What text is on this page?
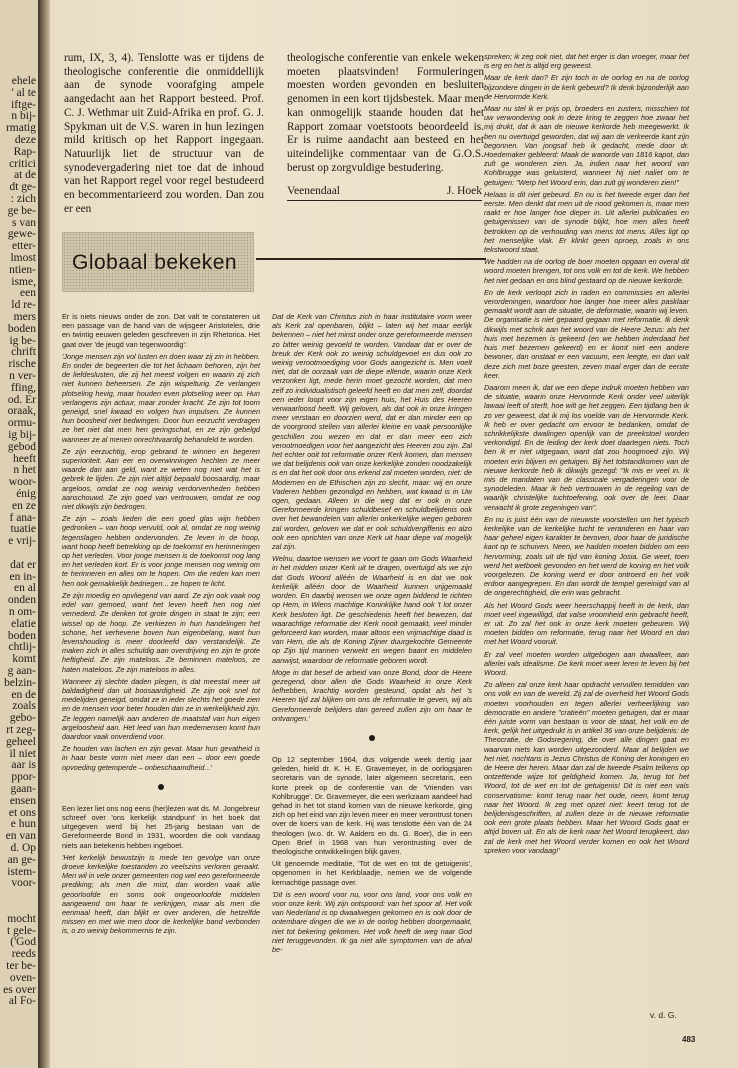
ehele
' al te
iftge-
n bij-
rmatig
deze
Rap-
critici
at de
dt ge-
: zich
ge be-
s van
gewe-
etter-
lmost
ntien-
isme,
een
ld re-
mers
boden
ig be-
chrift
rische
n ver-
ffing,
od. Er
oraak,
ormu-
ig bij-
gebod
heeft
n het
woor-
énig
en ze
f ana-
tuatie
e vrij-
dat er
en in-
en al
onden
n om-
elatie
boden
chtlij-
komt
g aan-
belzin-
en de
zoals
gebo-
rt zeg-
geheel
il niet
aar is
ppor-
gaan-
ensen
et ons
e hun
en van
d. Op
an ge-
istem-
voor-
mocht
t gele-
('God
reeds
ter be-
oven-
es over
al Fo-
rum, IX, 3, 4). Tenslotte was er tijdens de theologische conferentie die onmiddellijk aan de synode voorafging ampele aangedacht aan het Rapport besteed. Prof. C. J. Wethmar uit Zuid-Afrika en prof. G. J. Spykman uit de V.S. waren in hun lezingen mild kritisch op het Rapport ingegaan. Natuurlijk liet de structuur van de synodevergadering niet toe dat de inhoud van het Rapport regel voor regel bestudeerd en becommentarieerd zou worden. Dan zou er een
theologische conferentie van enkele weken moeten plaatsvinden! Formuleringen moesten worden gevonden en besluiten genomen in een kort tijdsbestek. Maar men kan onmogelijk staande houden dat het Rapport zomaar voetstoots beoordeeld is. Er is ruime aandacht aan besteed en het uiteindelijke commentaar van de G.O.S. berust op zorgvuldige bestudering.
Veenendaal	J. Hoek
Globaal bekeken

Er is niets nieuws onder de zon. Dat valt te constateren uit een passage van de hand van de wijsgeer Aristoteles, drie en twintig eeuwen geleden geschreven in zijn Rhetorica. Het gaat over 'de jeugd van tegenwoordig':

'Jonge mensen zijn vol lusten en doen waar zij zin in hebben. En onder de begeerten die tot het lichaam behoren, zijn het de liefdeslusten, die zij het meest volgen en waarin zij zich niet kunnen beheersen. Ze zijn wispelturig. Ze verlangen plotseling hevig, maar houden even plotseling weer op. Hun verlangens zijn actuur, maar zonder kracht. Ze zijn tot toorn geneigd, snel kwaad en volgen hun impulsen. Ze kunnen hun boosheid niet bedwingen. Door hun eerzucht verdragen ze het niet dat men hen geringschat, en ze zijn gebelgd wanneer ze al menen onrechtvaardig behandeld te worden.

Ze zijn eerzuchtig, erop gebrand te winnen en begeren superioriteit. Aan eer en overwinningen hechten ze meer waarde dan aan geld, want ze weten nog niet wat het is gebrek te lijden. Ze zijn niet altijd bepaald boosaardig, maar argeloos, omdat ze nog weinig verdorvenheden hebben aanschouwd. Ze zijn goed van vertrouwen, omdat ze nog niet dikwijls zijn bedrogen.

Ze zijn – zoals lieden die een goed glas wijn hebben gedronken – van hoop vervuld, ook al, omdat ze nog weinig tegenslagen hebben ondervonden. Ze leven in de hoop, want hoop heeft betrekking op de toekomst en herinneringen op het verleden. Voor jonge mensen is de toekomst nog lang en het verleden kort. Er is voor jonge mensen nog weinig om te herinneren en alles om te hopen. Om die reden kan men hen ook gemakkelijk bedriegen... ze hopen te licht.

Ze zijn moedig en opvliegend van aard. Ze zijn ook vaak nog edel van gemoed, want het leven heeft hen nog niet vernederd. Ze denken tot grote dingen in staat te zijn; een wissel op de hoop. Ze verkiezen in hun handelingen het schone, het verhevene boven hun eigenbelang, want hun levenshouding is meer doorleefd dan verstandelijk. Ze maken zich in alles schuldig aan overdrijving en zijn te grote heftigheid. Ze zijn mateloos. Ze beminnen mateloos, ze haten mateloos. Ze zijn mateloos in alles.

Wanneer zij slechte daden plegen, is dat meestal meer uit baldadigheid dan uit boosaardigheid. Ze zijn ook snel tot medelijden geneigd, omdat ze in ieder slechts het goede zien en de mensen voor beter houden dan ze in werkelijkheid zijn. Ze leggen namelijk aan anderen de maatstaf van hun eigen argeloosheid aan. Het leed van hun medemensen komt hun daardoor vaak onverdiend voor.

Ze houden van lachen en zijn gevat. Maar hun gevatheid is in haar beste vorm niet meer dan een – door een goede opvoeding getemperde – onbeschaamdheid...'

Een lezer liet ons nog eens (her)lezen wat ds. M. Jongebreur schreef over 'ons kerkelijk standpunt' in het boek dat uitgegeven werd bij het 25-jarig bestaan van de Gereformeerde Bond in 1931, woorden die ook vandaag niets aan betekenis hebben ingeboet.

'Het kerkelijk bewustzijn is mede ten gevolge van onze droeve kerkelijke toestanden zo veelszins verloren geraakt. Men wil in vele onzer gemeenten nog wel een gereformeerde prediking; als men die mist, dan worden vaak allie geoorloofde en soms ook ongeoorloofde middelen aangewend om haar te verkrijgen, maar als men die eenmaal heeft, dan blijkt er over anderen, die hetzelfde missen en met wie men door de kerkelijke band verbonden is, o zo weinig bekommernis te zijn.

Dat de Kerk van Christus zich in haar institutaire vorm weer als Kerk zal openbaren, blijkt – laten wij het maar eerlijk bekennen – niet het minst onder onze gereformeerde mensen zo bitter weinig gevoeld te worden. Vandaar dat er over de breuk der Kerk ook zo weinig schuldgevoel en dus ook zo weinig verootmoediging voor Gods aangezicht is. Men voelt niet, dat de oorzaak van de diepe ellende, waarin onze Kerk verzonken ligt, mede herin moet gezocht worden, dat men zelf zo individualistisch geleefd heeft en dat men zelf, doordat een ieder loopt voor zijn eigen huis, het Huis des Heeren verwaarloosd heeft. Wij geloven, als dat ook in onze kringen meer verstaan en doorzien werd, dat er dan minder een op de voorgrond stellen van allerlei kleine en vaak persoonlijke geschillen zou wezen en dat er dan meer een zich verootmoedigen voor het aangezicht des Heeren zou zijn. Zal het echter ooit tot reformatie onzer Kerk komen, dan mensen we dat belijdenis ook van onze kerkelijke zonden noodzakelijk is en dat het ook door ons erkend zal moeten worden, niet: de Modernen en de Ethischen zijn zo slecht, maar: wij en onze Vaderen hebben gezondigd en hebben, wat kwaad is in Uw ogen, gedaan. Alleen in die weg dat er ook in onze Gereformeerde kringen schuldbesef en schuldbelijdenis ook over het bewandelen van allerlei onkerkelijke wegen geboren zal worden, geloven we dat er ook schuldvergiffenis en alzo ook een oprichten van onze Kerk uit haar diepe val mogelijk zal zijn.

Welnu, daartoe wensen we voort te gaan om Gods Waarheid in het midden onzer Kerk uit te dragen, overtuigd als we zijn dat Gods Woord alléén de Waarheid is en dat we ook kerkelijk alléén door de Waarheid kunnen vrijgemaakt worden. En daarbij wensen we onze ogen biddend te richten op Hem, in Wiens machtige Koninklijke hand ook 't lot onzer Kerk besloten ligt. De geschiedenis heeft het bewezen, dat waarachtige reformatie der Kerk nooit gemaakt, veel minder geforceerd kan worden, maar altoos een vrijmachtige daad is van Hem, die als de Koning Zijner duurgekochte Gemeente op Zijn tijd mannen verwekt en wegen baant en middelen aanwijst, waardoor de reformatie geboren wordt.

Moge in dat besef de arbeid van onze Bond, door de Heere gezegend, door allen die Gods Waarheid in onze Kerk liefhebben, krachtig worden gesteund, opdat als het 's Heeren tijd zal blijken om ons de reformatie te geven, wij als Gereformeerde belijders dan gereed zullen zijn om haar te ontvangen.'

Op 12 september 1964, dus volgende week dertig jaar geleden, hield dr. K. H. E. Gravemeyer, in de oorlogsjaren secretaris van de synode, later algemeen secretaris, een korte preek op de conferentie van de 'Vrienden van Kohlbrugge'. Dr. Gravemeyer, die een werkzaam aandeel had gehad in het tot stand komen van de nieuwe kerkorde, ging zich op het eind van zijn leven meer en meer verontrust tonen over de koers van de kerk. Hij was tenslotte één van de 24 theologen (w.o. dr. W. Aalders en ds. G. Boer), die in een Open Brief in 1968 van hun verontrusting over de theologische ontwikkelingen blijk gaven.

Uit genoemde meditatie, 'Tot de wet en tot de getuigenis', opgenomen in het Kerkblaadje, nemen we de volgende kernachtige passage over.

'Dit is een woord voor nu, voor ons land, voor ons volk en voor onze kerk. Wij zijn ontspoord: van het spoor af. Het volk van Nederland is op dwaalwegen gekomen en is ook door de ontembare dingen die we in de oorlog hebben doorgemaakt, niet tot bekering gekomen. Het volk heeft de weg naar God niet teruggevonden. Ik ga niet alle symptomen van de afval be-

spreken; ik zeg ook niet, dat het erger is dan vroeger, maar het is erg en het is altijd erg geweest.

Maar de kerk dan? Er zijn toch in de oorlog en na de oorlog bijzondere dingen in de kerk gebeurd? Ik denk bijzonderlijk aan de Hervormde Kerk.

Maar nu stel ik er prijs op, broeders en zusters, misschien tot uw verwondering ook in deze kring te zeggen hoe zwaar het mij drukt, dat ik aan de nieuwe kerkorde heb meegewerkt. Ik ben nu overtuigd geworden, dat wij aan de verkeerde kant zijn begonnen. Van jongsaf heb ik gedacht, mede door dr. Hoedemaker gebleerd: Maak de wanorde van 1816 kapot, dan zult ge wonderen zien. Ja, indien naar het woord van Kohlbrugge was geluisterd, wanneer hij niet naliet om te getuigen: "Werp het Woord erin, dan zult gij wonderen zien!"

Helaas is dit niet gebeurd. En nu is het tweede erger dan het eerste. Men denkt dat men uit de nood gekomen is, maar men raakt er hoe langer hoe dieper in. Uit allerlei publicaties en getuigenissen van de synode blijkt, hoe men alles heeft betrokken op de verhouding van mens tot mens. Alles ligt op het menselijke vlak. Er klinkt geen oproep, zoals in ons tekstwoord staat.

We hadden na de oorlog de boer moeten opgaan en overal dit woord moeten brengen, tot ons volk en tot de kerk. We hebben het niet gedaan en ons blind gestaard op de nieuwe kerkorde.

En de kerk verloopt zich in raden en commissies en allerlei verordeningen, waardoor hoe langer hoe meer alles pasklaar gemaakt wordt aan de situatie, de deformatie, waarin wij leven. De organisatie is niet gepaard gegaan met reformatie. Ik denk dikwijls met schrik aan het woord van de Heere Jezus: als het huis met bezemen is gekeerd (en we hebben inderdaad het huis met bezemen gekeerd) en er komt niet een andere bewoner, dan onstaat er een vacuum, een leegte, en dan valt deze zich met boze geesten, zeven maal erger dan de eerste keer.

Daarom meen ik, dat we een diepe indruk moeten hebben van de situatie, waarin onze Hervormde Kerk onder veel uiterlijk lawaai leeft of sterft, hoe wilt ge het zeggen. Een tijdlang ben ik zo ver geweest, dat ik mij los voelde van de Hervormde Kerk. Ik heb er over gedacht om ervoor te bedanken, omdat de schrikkelijkste dwalingen openlijk van de preekstoel worden verkondigd. En de leiding der kerk doet daartegen niets. Toch ben ik er niet uitgegaan, want dat zou hoogmoed zijn. Wij moeten erin blijven en getuigen. Bij het totstandkomen van de nieuwe kerkorde heb ik dikwijls gezegd: "Ik mis er veel in. Ik mis de mandaten van de classicale vergaderingen voor de synodeleden. Maar ik heb vertrouwen in de regeling van de waarlijk christelijke tuchtoefening, ook over de leer. Daar verwacht ik grote zegeningen van".

En nu is juist één van de nieuwste voorstellen om het typisch kerkelijke van de kerkelijke tucht te veranderen en haar van haar geheel eigen karakter te beroven, door haar de juridische kant op te schuiven. Neen, we hadden moeten bidden om een hervorming, zoals uit de tijd van koning Josia. Ge weet, toen werd het wetboek gevonden en het werd de koning en het volk voorgelezen. De koning werd er door ontroerd en het volk erdoor aangegrepen. En dan wordt de tempel gereinigd van al de ongerechtigheid, die erin was gebracht.

Als het Woord Gods weer heerschappij heeft in de kerk, dan moet veel ingewilligd, dat valse vroomheid erin gebracht heeft, er uit. Zo zal het ook in onze kerk moeten gebeuren. Wij moeten bidden om reformatie, terug naar het Woord en dan met het Woord vooruit.

Er zal veel moeten worden uitgebogen aan dwaalleer, aan allerlei vals idealisme. De kerk moet weer leren te leven bij het Woord.

Zo alleen zal onze kerk haar opdracht vervullen temidden van ons volk en van de wereld. Zij zal de overheid het Woord Gods moeten voorhouden en tegen allerlei verheerlijking van democratie en andere "cratieën" moeten getuigen, dat er maar één juiste vorm van bestaan is voor de staat, het volk en de kerk, gelijk het uitgedrukt is in artikel 36 van onze belijdenis: de Theocratie, de Godsregering, die over alle dingen gaat en waarvan niets kan worden uitgezonderd. Maar al belijden we het niet, nochtans is Jezus Christus de Koning der koningen en de Heere der heren. Maar dan zal de tweede Psalm telkens op ontzettende wijze tot geldigheid komen. Ja, terug tot het Woord, tot de wet en tot de getuigenis! Dit is niet een vals conservatisme: komt terug naar het oude, neen, komt terug naar het Woord. Ik zeg met opzet niet: keert terug tot de belijdenisgeschriften, al zullen deze in de nieuwe reformatie ook een grote plaats hebben. Maar het Woord Gods gaat er altijd boven uit. En als de kerk naar het Woord terugkeert, dan zal de kerk met het Woord verder komen en ook het Woord spreken voor vandaag!'

v. d. G.
483
